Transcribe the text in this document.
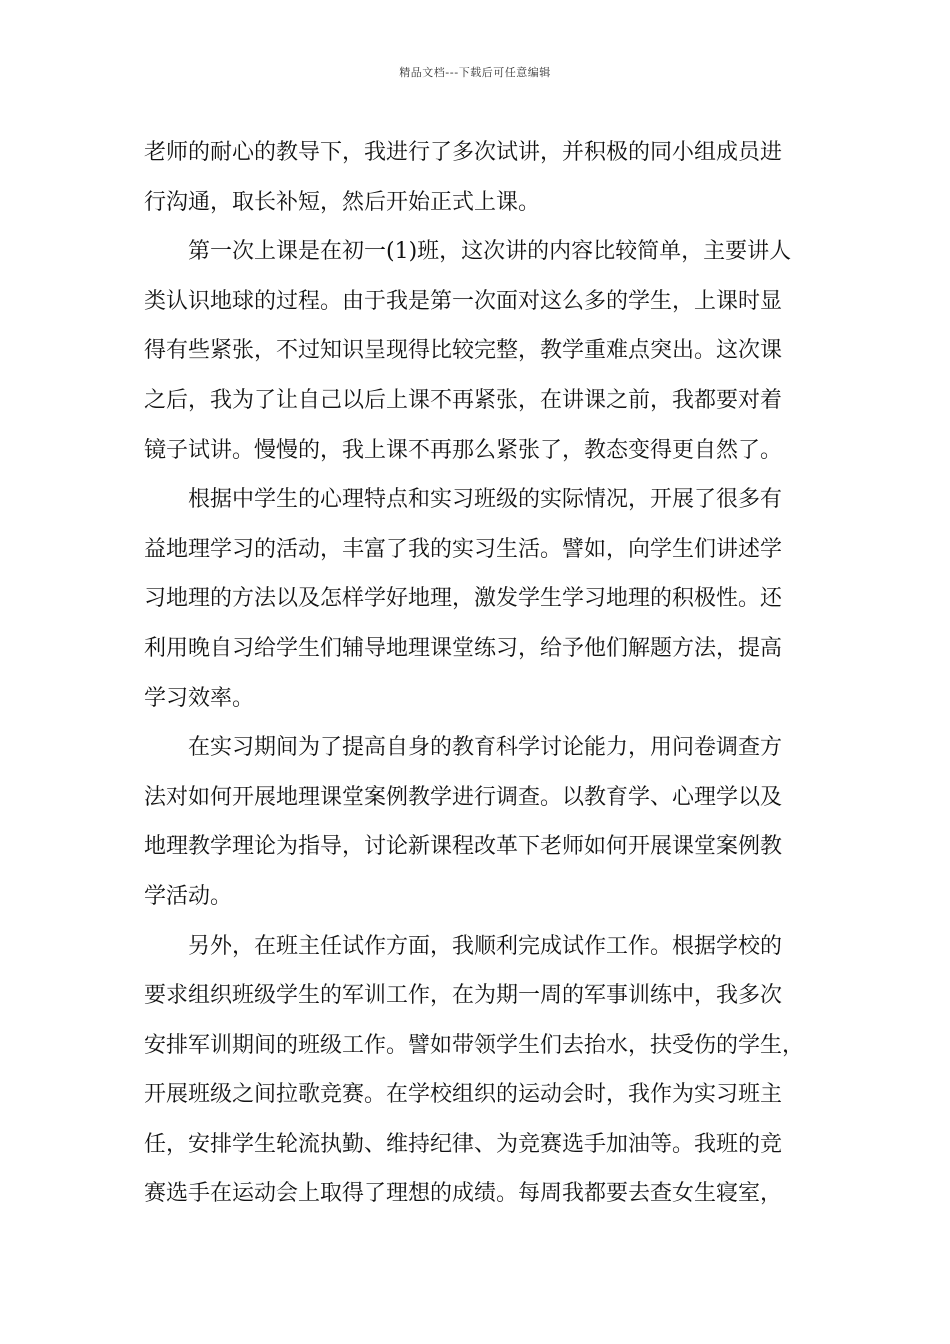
精品文档---下载后可任意编辑
老师的耐心的教导下，我进行了多次试讲，并积极的同小组成员进
行沟通，取长补短，然后开始正式上课。
第一次上课是在初一(1)班，这次讲的内容比较简单，主要讲人
类认识地球的过程。由于我是第一次面对这么多的学生，上课时显
得有些紧张，不过知识呈现得比较完整，教学重难点突出。这次课
之后，我为了让自己以后上课不再紧张，在讲课之前，我都要对着
镜子试讲。慢慢的，我上课不再那么紧张了，教态变得更自然了。
根据中学生的心理特点和实习班级的实际情况，开展了很多有
益地理学习的活动，丰富了我的实习生活。譬如，向学生们讲述学
习地理的方法以及怎样学好地理，激发学生学习地理的积极性。还
利用晚自习给学生们辅导地理课堂练习，给予他们解题方法，提高
学习效率。
在实习期间为了提高自身的教育科学讨论能力，用问卷调查方
法对如何开展地理课堂案例教学进行调查。以教育学、心理学以及
地理教学理论为指导，讨论新课程改革下老师如何开展课堂案例教
学活动。
另外，在班主任试作方面，我顺利完成试作工作。根据学校的
要求组织班级学生的军训工作，在为期一周的军事训练中，我多次
安排军训期间的班级工作。譬如带领学生们去抬水，扶受伤的学生，
开展班级之间拉歌竞赛。在学校组织的运动会时，我作为实习班主
任，安排学生轮流执勤、维持纪律、为竞赛选手加油等。我班的竞
赛选手在运动会上取得了理想的成绩。每周我都要去查女生寝室，
